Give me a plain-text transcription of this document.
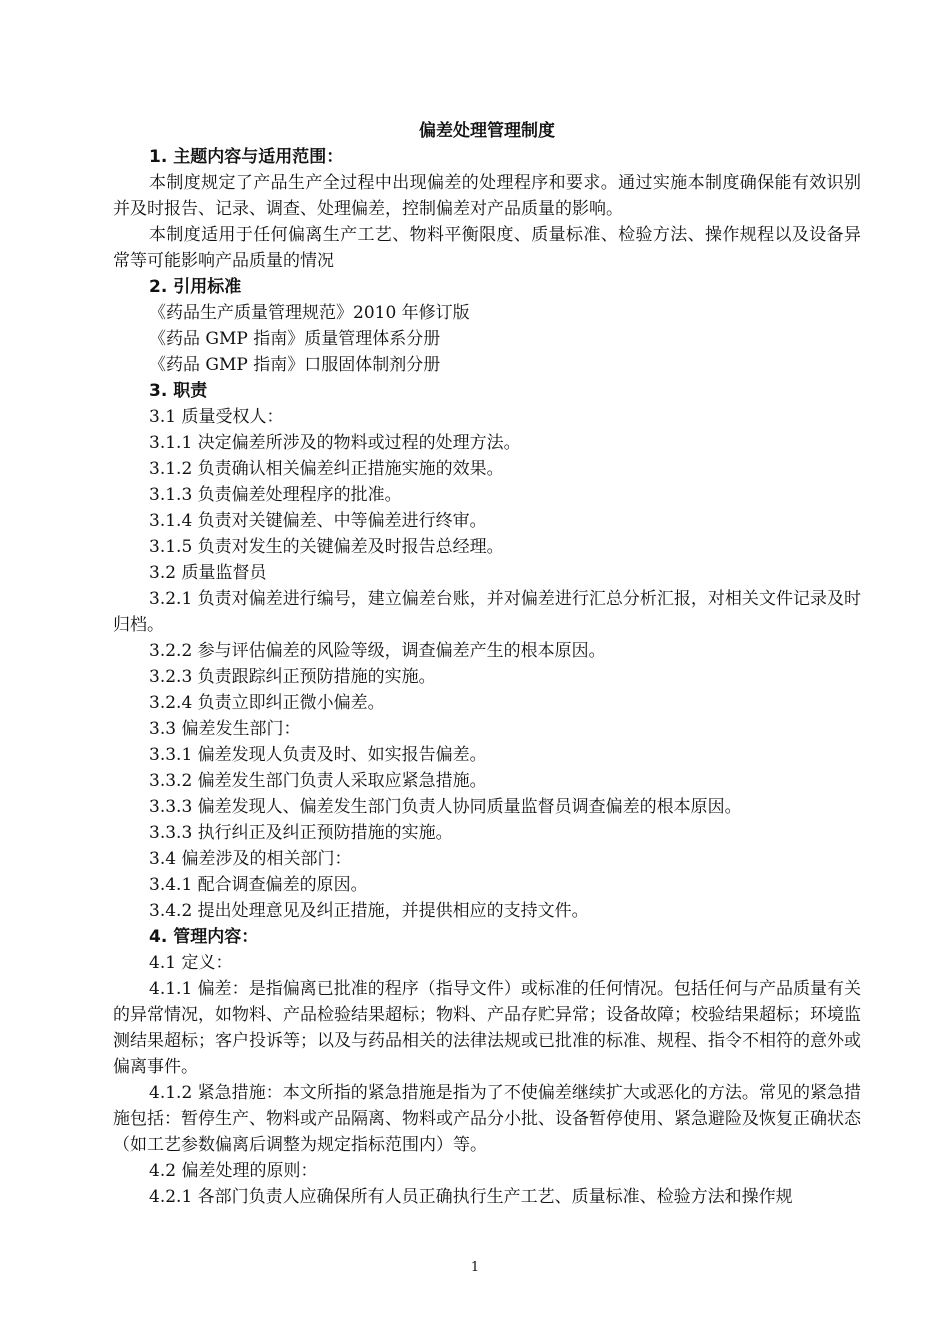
偏差处理管理制度

1. 主题内容与适用范围：

本制度规定了产品生产全过程中出现偏差的处理程序和要求。通过实施本制度确保能有效识别并及时报告、记录、调查、处理偏差，控制偏差对产品质量的影响。

本制度适用于任何偏离生产工艺、物料平衡限度、质量标准、检验方法、操作规程以及设备异常等可能影响产品质量的情况

2. 引用标准

《药品生产质量管理规范》2010 年修订版

《药品 GMP 指南》质量管理体系分册

《药品 GMP 指南》口服固体制剂分册

3. 职责

3.1 质量受权人：

3.1.1 决定偏差所涉及的物料或过程的处理方法。

3.1.2 负责确认相关偏差纠正措施实施的效果。

3.1.3 负责偏差处理程序的批准。

3.1.4 负责对关键偏差、中等偏差进行终审。

3.1.5 负责对发生的关键偏差及时报告总经理。

3.2 质量监督员

3.2.1 负责对偏差进行编号，建立偏差台账，并对偏差进行汇总分析汇报，对相关文件记录及时归档。

3.2.2 参与评估偏差的风险等级，调查偏差产生的根本原因。

3.2.3 负责跟踪纠正预防措施的实施。

3.2.4 负责立即纠正微小偏差。

3.3 偏差发生部门：

3.3.1 偏差发现人负责及时、如实报告偏差。

3.3.2 偏差发生部门负责人采取应紧急措施。

3.3.3 偏差发现人、偏差发生部门负责人协同质量监督员调查偏差的根本原因。

3.3.3 执行纠正及纠正预防措施的实施。

3.4 偏差涉及的相关部门：

3.4.1 配合调查偏差的原因。

3.4.2 提出处理意见及纠正措施，并提供相应的支持文件。

4. 管理内容：

4.1 定义：

4.1.1 偏差：是指偏离已批准的程序（指导文件）或标准的任何情况。包括任何与产品质量有关的异常情况，如物料、产品检验结果超标；物料、产品存贮异常；设备故障；校验结果超标；环境监测结果超标；客户投诉等；以及与药品相关的法律法规或已批准的标准、规程、指令不相符的意外或偏离事件。

4.1.2 紧急措施：本文所指的紧急措施是指为了不使偏差继续扩大或恶化的方法。常见的紧急措施包括：暂停生产、物料或产品隔离、物料或产品分小批、设备暂停使用、紧急避险及恢复正确状态（如工艺参数偏离后调整为规定指标范围内）等。

4.2 偏差处理的原则：

4.2.1 各部门负责人应确保所有人员正确执行生产工艺、质量标准、检验方法和操作规

1
